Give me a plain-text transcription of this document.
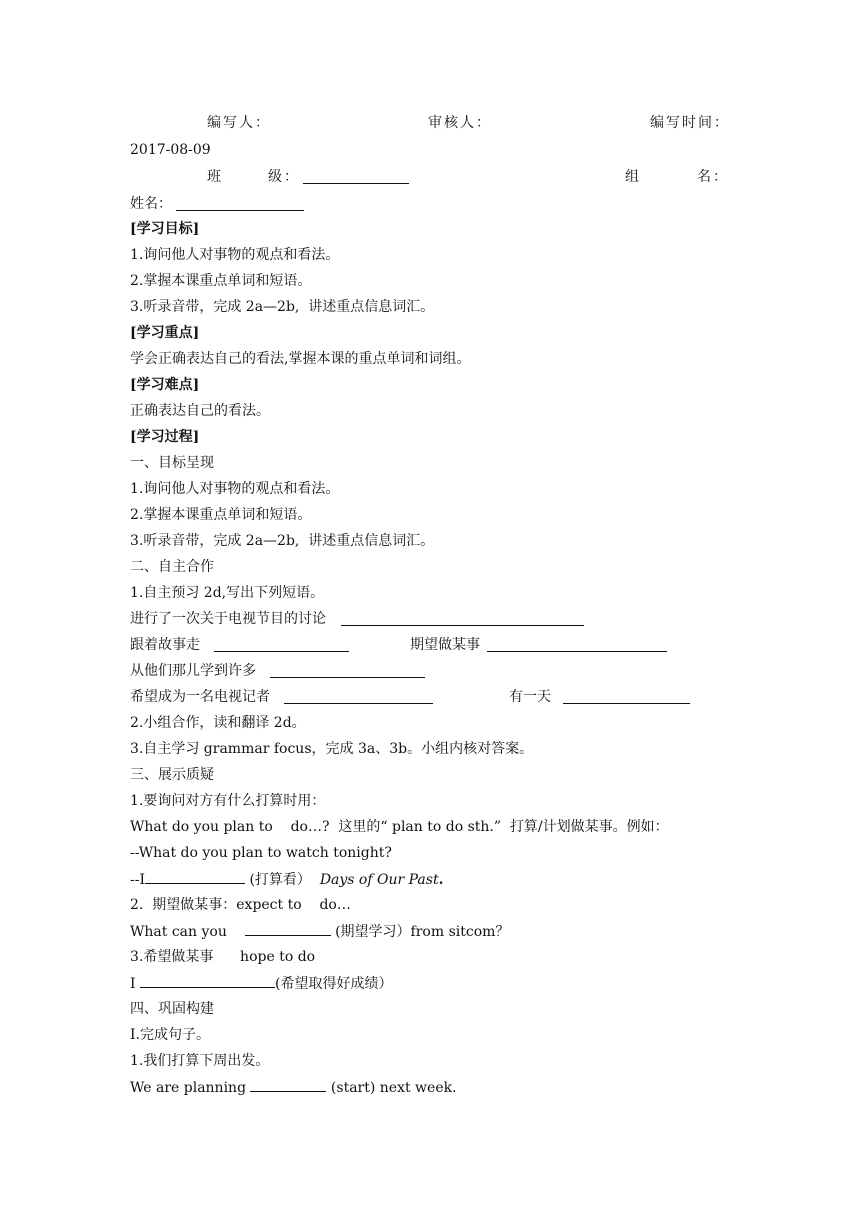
编写人：	审核人：	编写时间：
2017-08-09
班	级：	组	名：
姓名：
[学习目标]
1.询问他人对事物的观点和看法。
2.掌握本课重点单词和短语。
3.听录音带，完成 2a—2b,  讲述重点信息词汇。
[学习重点]
学会正确表达自己的看法,掌握本课的重点单词和词组。
[学习难点]
正确表达自己的看法。
[学习过程]
一、目标呈现
1.询问他人对事物的观点和看法。
2.掌握本课重点单词和短语。
3.听录音带，完成 2a—2b,  讲述重点信息词汇。
二、自主合作
1.自主预习 2d,写出下列短语。
进行了一次关于电视节目的讨论
跟着故事走	期望做某事
从他们那儿学到许多
希望成为一名电视记者	有一天
2.小组合作，读和翻译 2d。
3.自主学习 grammar focus，完成 3a、3b。小组内核对答案。
三、展示质疑
1.要询问对方有什么打算时用：
What do you plan to    do…?  这里的“ plan to do sth.”  打算/计划做某事。例如：
--What do you plan to watch tonight?
--I	(打算看）  Days of Our Past.
2.  期望做某事：expect to    do…
What can you	(期望学习）from sitcom？
3.希望做某事      hope to do
I	(希望取得好成绩）
四、巩固构建
I.完成句子。
1.我们打算下周出发。
We are planning	(start) next week.
